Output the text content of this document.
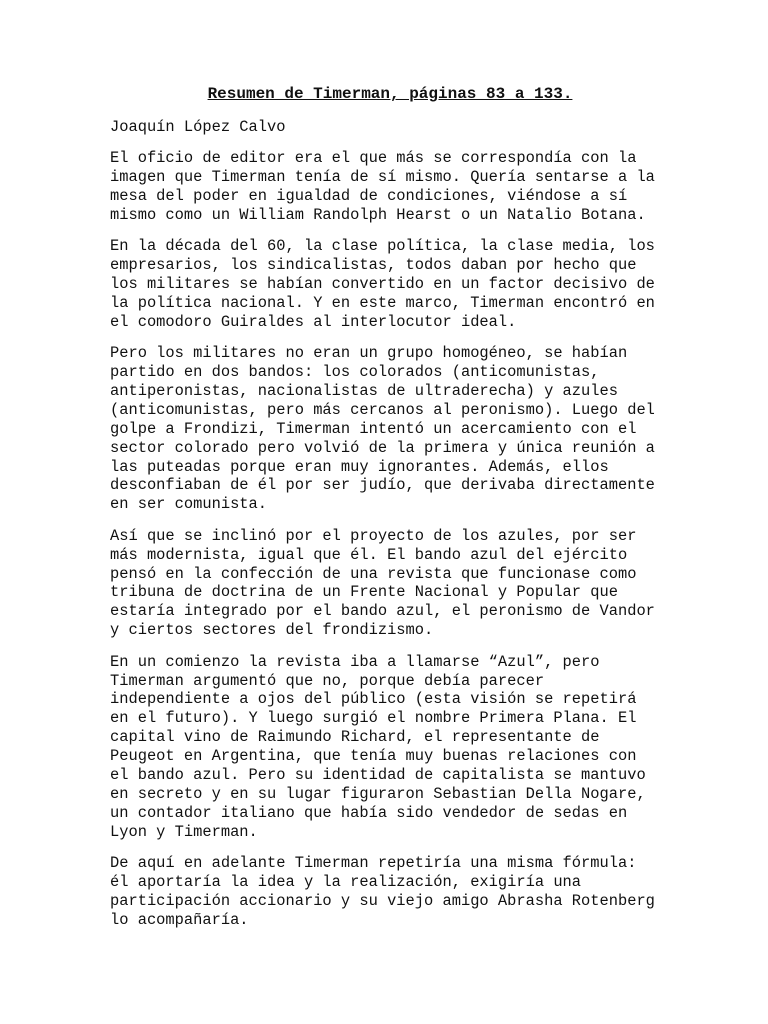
Resumen de Timerman, páginas 83 a 133.
Joaquín López Calvo
El oficio de editor era el que más se correspondía con la
imagen que Timerman tenía de sí mismo. Quería sentarse a la
mesa del poder en igualdad de condiciones, viéndose a sí
mismo como un William Randolph Hearst o un Natalio Botana.
En la década del 60, la clase política, la clase media, los
empresarios, los sindicalistas, todos daban por hecho que
los militares se habían convertido en un factor decisivo de
la política nacional. Y en este marco, Timerman encontró en
el comodoro Guiraldes al interlocutor ideal.
Pero los militares no eran un grupo homogéneo, se habían
partido en dos bandos: los colorados (anticomunistas,
antiperonistas, nacionalistas de ultraderecha) y azules
(anticomunistas, pero más cercanos al peronismo). Luego del
golpe a Frondizi, Timerman intentó un acercamiento con el
sector colorado pero volvió de la primera y única reunión a
las puteadas porque eran muy ignorantes. Además, ellos
desconfiaban de él por ser judío, que derivaba directamente
en ser comunista.
Así que se inclinó por el proyecto de los azules, por ser
más modernista, igual que él. El bando azul del ejército
pensó en la confección de una revista que funcionase como
tribuna de doctrina de un Frente Nacional y Popular que
estaría integrado por el bando azul, el peronismo de Vandor
y ciertos sectores del frondizismo.
En un comienzo la revista iba a llamarse “Azul”, pero
Timerman argumentó que no, porque debía parecer
independiente a ojos del público (esta visión se repetirá
en el futuro). Y luego surgió el nombre Primera Plana. El
capital vino de Raimundo Richard, el representante de
Peugeot en Argentina, que tenía muy buenas relaciones con
el bando azul. Pero su identidad de capitalista se mantuvo
en secreto y en su lugar figuraron Sebastian Della Nogare,
un contador italiano que había sido vendedor de sedas en
Lyon y Timerman.
De aquí en adelante Timerman repetiría una misma fórmula:
él aportaría la idea y la realización, exigiría una
participación accionario y su viejo amigo Abrasha Rotenberg
lo acompañaría.
